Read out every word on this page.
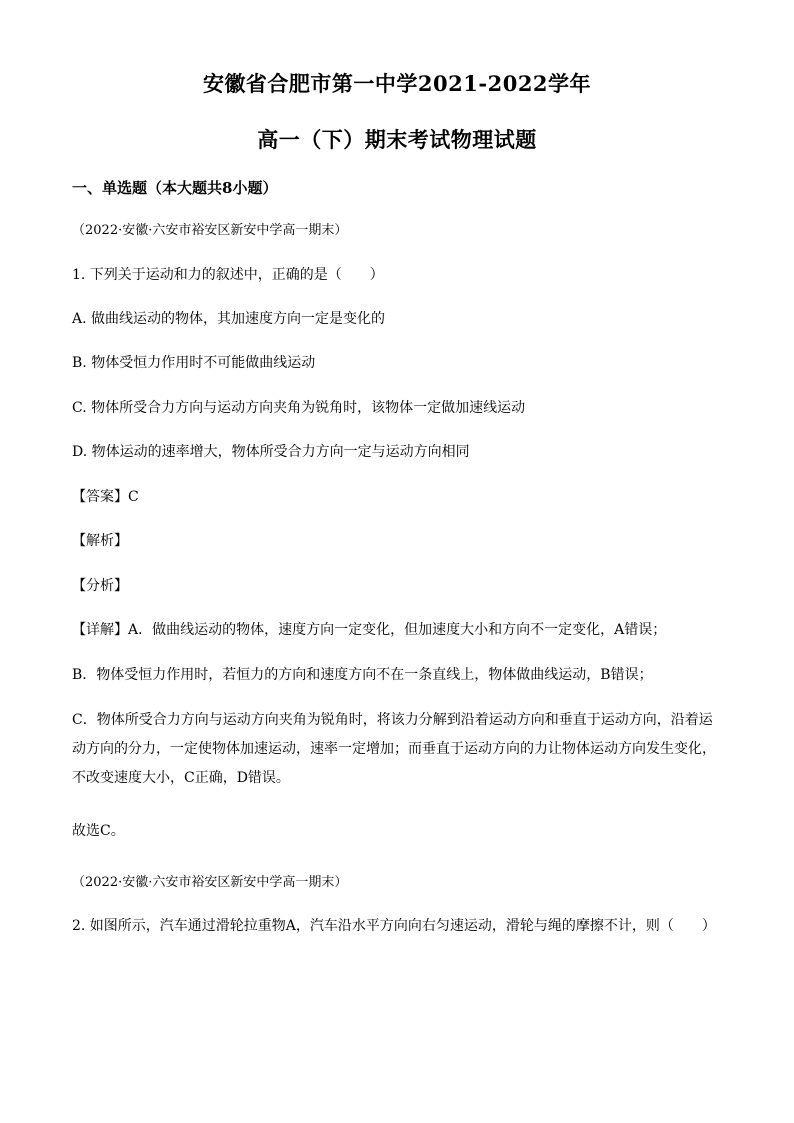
安徽省合肥市第一中学2021-2022学年
高一（下）期末考试物理试题
一、单选题（本大题共8小题）
（2022·安徽·六安市裕安区新安中学高一期末）
1. 下列关于运动和力的叙述中，正确的是（　　）
A. 做曲线运动的物体，其加速度方向一定是变化的
B. 物体受恒力作用时不可能做曲线运动
C. 物体所受合力方向与运动方向夹角为锐角时，该物体一定做加速线运动
D. 物体运动的速率增大，物体所受合力方向一定与运动方向相同
【答案】C
【解析】
【分析】
【详解】A．做曲线运动的物体，速度方向一定变化，但加速度大小和方向不一定变化，A错误；
B．物体受恒力作用时，若恒力的方向和速度方向不在一条直线上，物体做曲线运动，B错误；
C．物体所受合力方向与运动方向夹角为锐角时，将该力分解到沿着运动方向和垂直于运动方向，沿着运动方向的分力，一定使物体加速运动，速率一定增加；而垂直于运动方向的力让物体运动方向发生变化，不改变速度大小，C正确，D错误。
故选C。
（2022·安徽·六安市裕安区新安中学高一期末）
2. 如图所示，汽车通过滑轮拉重物A，汽车沿水平方向向右匀速运动，滑轮与绳的摩擦不计，则（　　）
